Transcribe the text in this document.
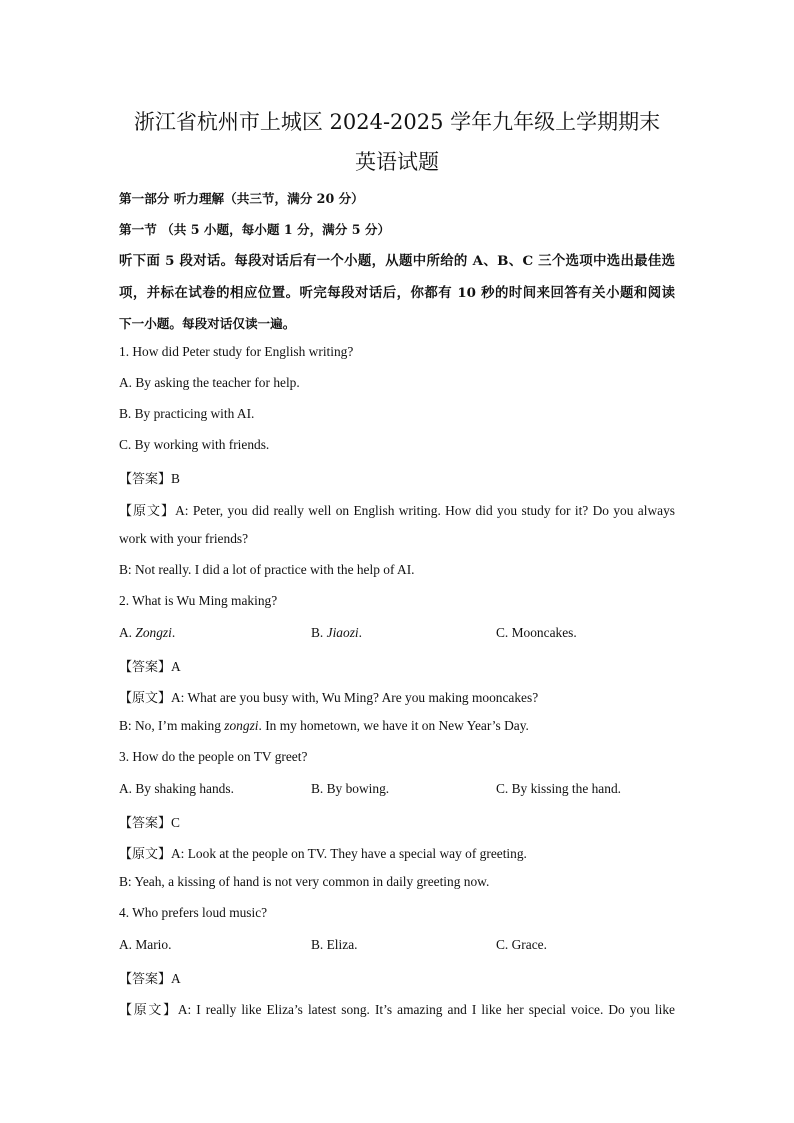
浙江省杭州市上城区 2024-2025 学年九年级上学期期末
英语试题
第一部分 听力理解（共三节，满分 20 分）
第一节 （共 5 小题，每小题 1 分，满分 5 分）
听下面 5 段对话。每段对话后有一个小题，从题中所给的 A、B、C 三个选项中选出最佳选
项，并标在试卷的相应位置。听完每段对话后，你都有 10 秒的时间来回答有关小题和阅读
下一小题。每段对话仅读一遍。
1. How did Peter study for English writing?
A. By asking the teacher for help.
B. By practicing with AI.
C. By working with friends.
【答案】B
【原文】A: Peter, you did really well on English writing. How did you study for it? Do you always
work with your friends?
B: Not really. I did a lot of practice with the help of AI.
2. What is Wu Ming making?
A. Zongzi.	B. Jiaozi.	C. Mooncakes.
【答案】A
【原文】A: What are you busy with, Wu Ming? Are you making mooncakes?
B: No, I’m making zongzi. In my hometown, we have it on New Year’s Day.
3. How do the people on TV greet?
A. By shaking hands.	B. By bowing.	C. By kissing the hand.
【答案】C
【原文】A: Look at the people on TV. They have a special way of greeting.
B: Yeah, a kissing of hand is not very common in daily greeting now.
4. Who prefers loud music?
A. Mario.	B. Eliza.	C. Grace.
【答案】A
【原文】A: I really like Eliza’s latest song. It’s amazing and I like her special voice. Do you like
